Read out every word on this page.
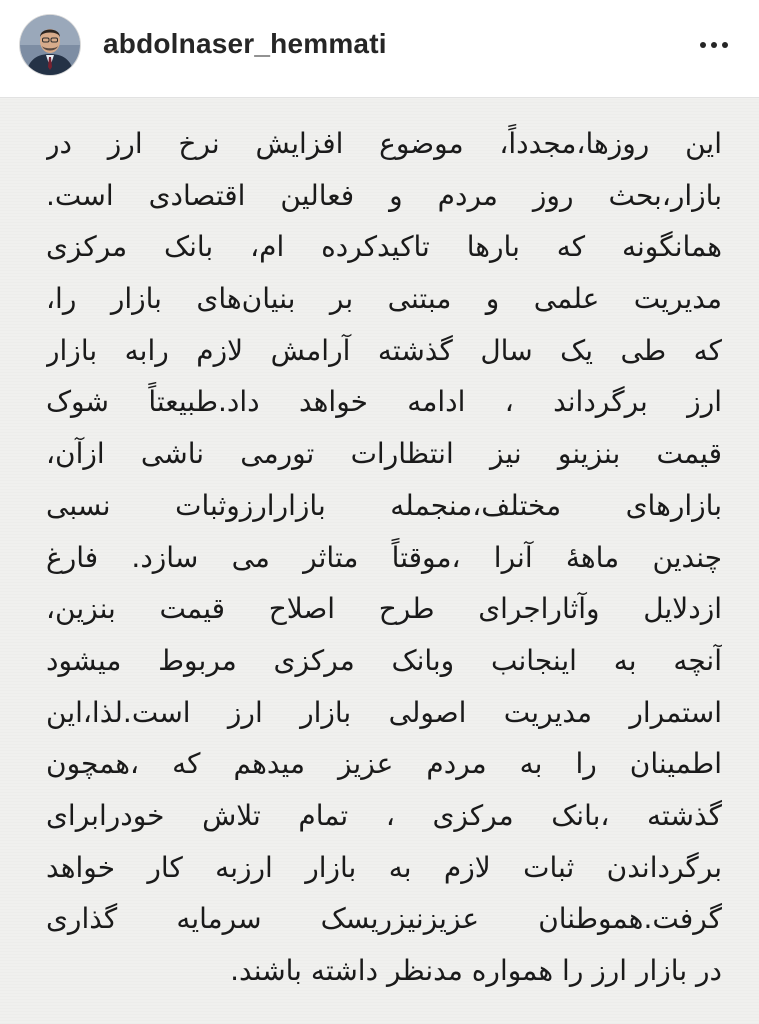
abdolnaser_hemmati
این روزها،مجدداً، موضوع افزایش نرخ ارز در
بازار،بحث روز مردم و فعالین اقتصادی است.
همانگونه که بارها تاکیدکرده ام، بانک مرکزی
مدیریت علمی و مبتنی بر بنیان‌های بازار را،
که طی یک سال گذشته آرامش لازم رابه بازار
ارز برگرداند ، ادامه خواهد داد.طبیعتاً شوک
قیمت بنزینو نیز انتظارات تورمی ناشی ازآن،
بازارهای مختلف،منجمله بازارارزوثبات نسبی
چندین ماههٔ آنرا ،موقتاً متاثر می سازد. فارغ
ازدلایل وآثاراجرای طرح اصلاح قیمت بنزین،
آنچه به اینجانب وبانک مرکزی مربوط میشود
استمرار مدیریت اصولی بازار ارز است.لذا،این
اطمینان را به مردم عزیز میدهم که ،همچون
گذشته ،بانک مرکزی ، تمام تلاش خودرابرای
برگرداندن ثبات لازم به بازار ارزبه کار خواهد
گرفت.هموطنان عزیزنیزریسک سرمایه گذاری
در بازار ارز را همواره مدنظر داشته باشند.
